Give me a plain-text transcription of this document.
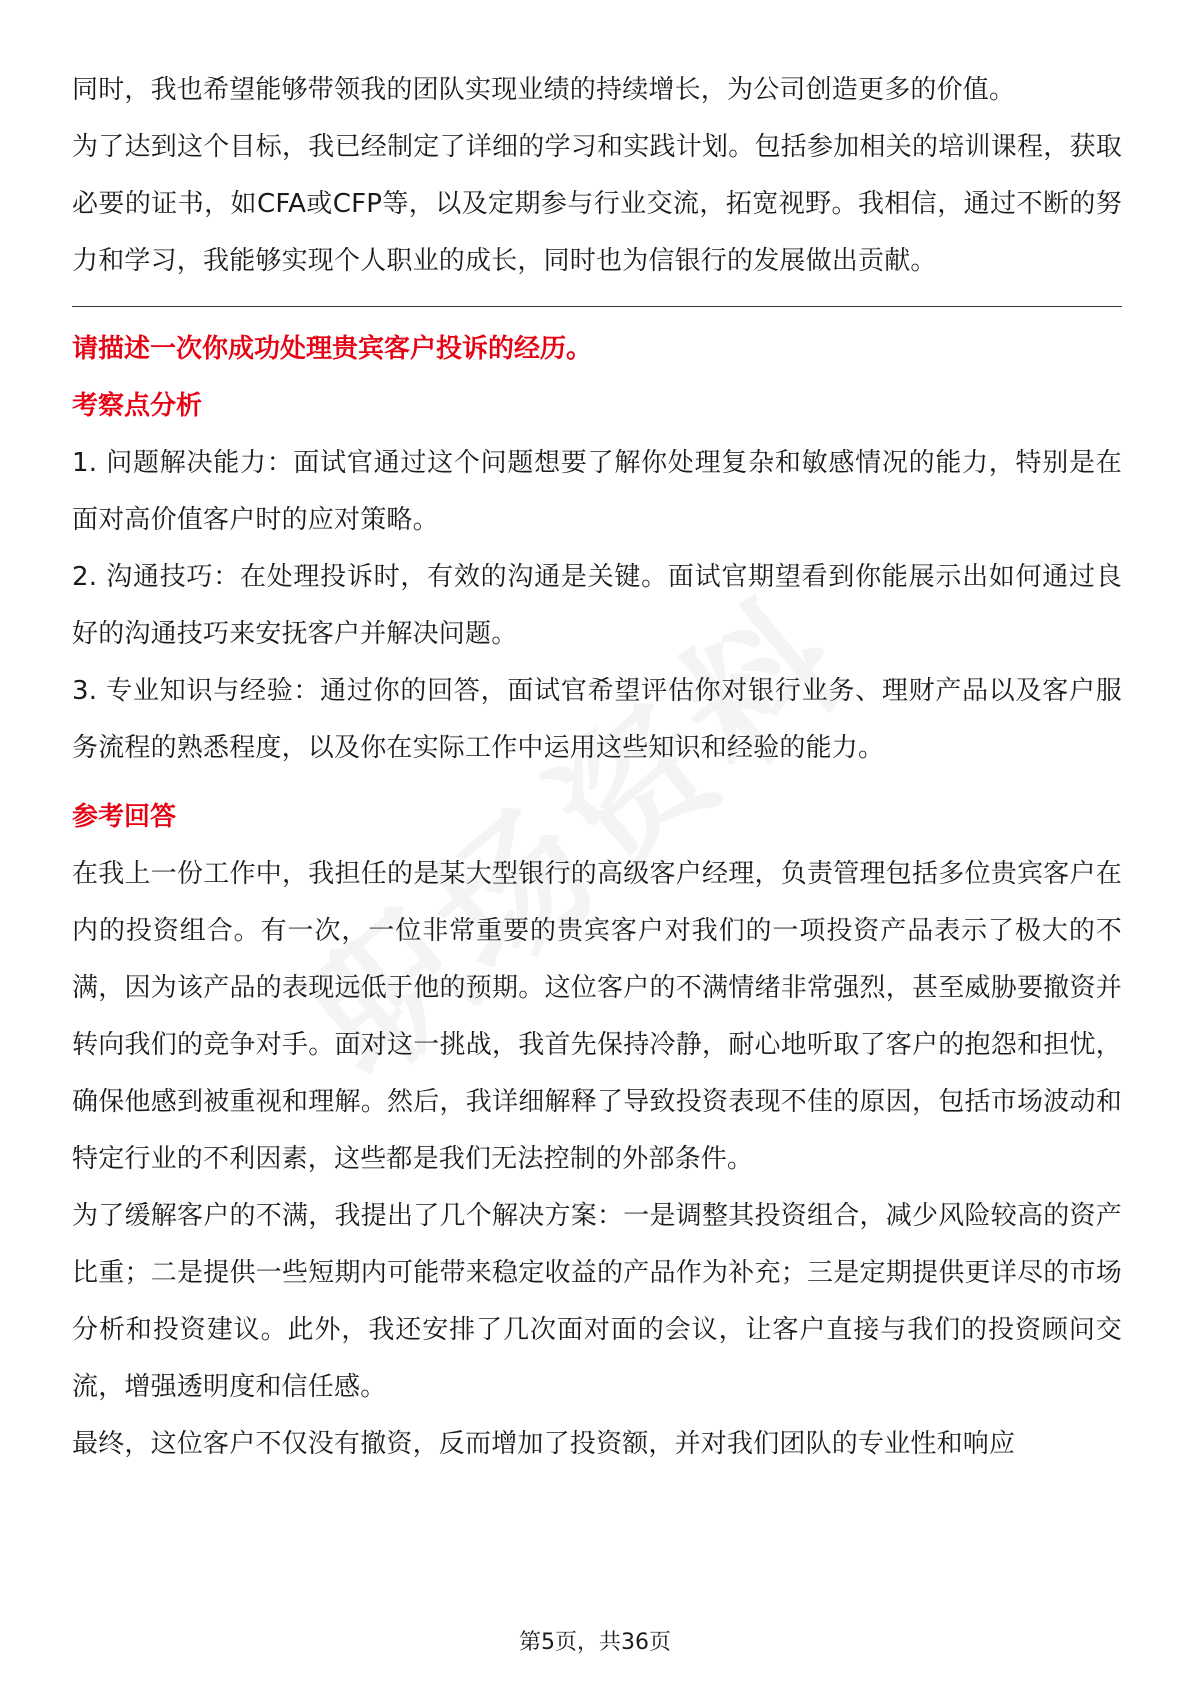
同时，我也希望能够带领我的团队实现业绩的持续增长，为公司创造更多的价值。

为了达到这个目标，我已经制定了详细的学习和实践计划。包括参加相关的培训课程，获取必要的证书，如CFA或CFP等，以及定期参与行业交流，拓宽视野。我相信，通过不断的努力和学习，我能够实现个人职业的成长，同时也为信银行的发展做出贡献。

请描述一次你成功处理贵宾客户投诉的经历。

考察点分析

1. 问题解决能力：面试官通过这个问题想要了解你处理复杂和敏感情况的能力，特别是在面对高价值客户时的应对策略。

2. 沟通技巧：在处理投诉时，有效的沟通是关键。面试官期望看到你能展示出如何通过良好的沟通技巧来安抚客户并解决问题。

3. 专业知识与经验：通过你的回答，面试官希望评估你对银行业务、理财产品以及客户服务流程的熟悉程度，以及你在实际工作中运用这些知识和经验的能力。

参考回答

在我上一份工作中，我担任的是某大型银行的高级客户经理，负责管理包括多位贵宾客户在内的投资组合。有一次，一位非常重要的贵宾客户对我们的一项投资产品表示了极大的不满，因为该产品的表现远低于他的预期。这位客户的不满情绪非常强烈，甚至威胁要撤资并转向我们的竞争对手。面对这一挑战，我首先保持冷静，耐心地听取了客户的抱怨和担忧，确保他感到被重视和理解。然后，我详细解释了导致投资表现不佳的原因，包括市场波动和特定行业的不利因素，这些都是我们无法控制的外部条件。

为了缓解客户的不满，我提出了几个解决方案：一是调整其投资组合，减少风险较高的资产比重；二是提供一些短期内可能带来稳定收益的产品作为补充；三是定期提供更详尽的市场分析和投资建议。此外，我还安排了几次面对面的会议，让客户直接与我们的投资顾问交流，增强透明度和信任感。

最终，这位客户不仅没有撤资，反而增加了投资额，并对我们团队的专业性和响应

第5页，共36页
